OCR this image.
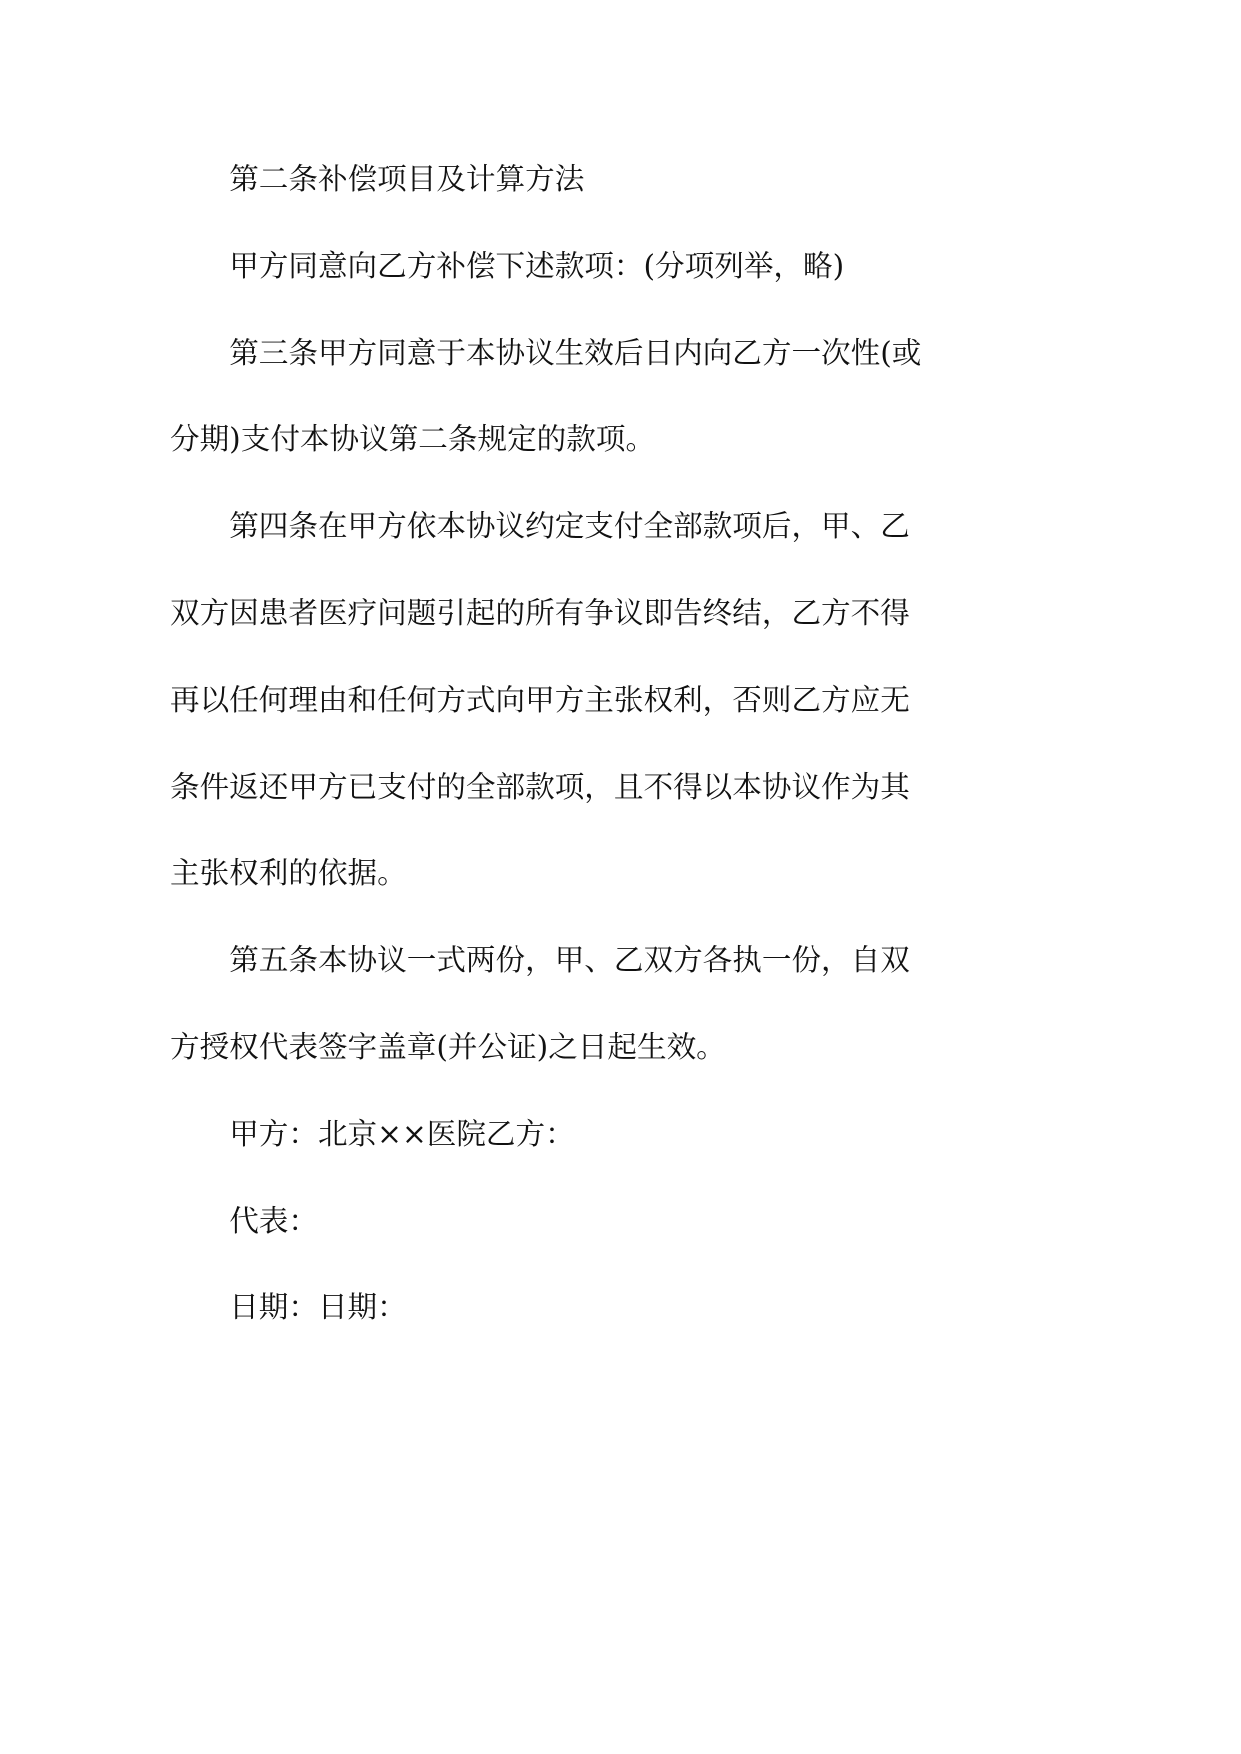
第二条补偿项目及计算方法
甲方同意向乙方补偿下述款项：(分项列举，略)
第三条甲方同意于本协议生效后日内向乙方一次性(或
分期)支付本协议第二条规定的款项。
第四条在甲方依本协议约定支付全部款项后，甲、乙
双方因患者医疗问题引起的所有争议即告终结，乙方不得
再以任何理由和任何方式向甲方主张权利，否则乙方应无
条件返还甲方已支付的全部款项，且不得以本协议作为其
主张权利的依据。
第五条本协议一式两份，甲、乙双方各执一份，自双
方授权代表签字盖章(并公证)之日起生效。
甲方：北京××医院乙方：
代表：
日期：日期：
